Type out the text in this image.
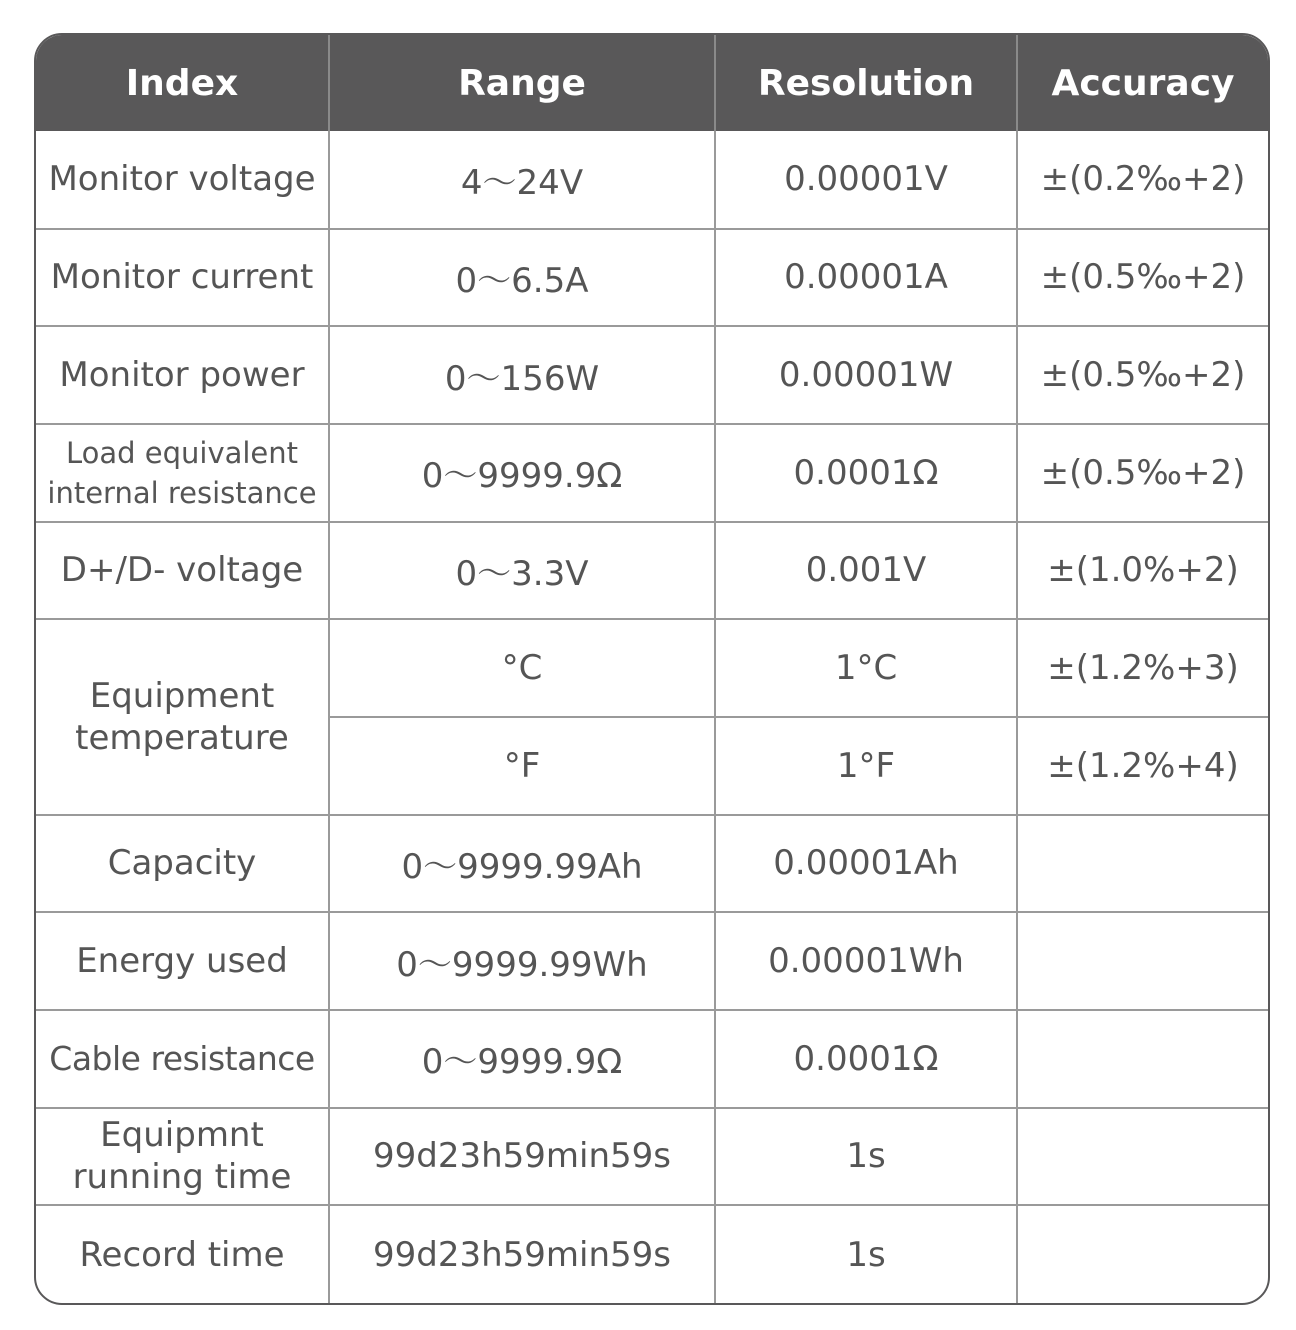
Index	Range	Resolution	Accuracy
Monitor voltage	4～24V	0.00001V	±(0.2‰+2)
Monitor current	0～6.5A	0.00001A	±(0.5‰+2)
Monitor power	0～156W	0.00001W	±(0.5‰+2)

Load equivalent
internal resistance	0～9999.9Ω	0.0001Ω	±(0.5‰+2)
D+/D- voltage	0～3.3V	0.001V	±(1.0%+2)

Equipment
temperature	°C	1°C	±(1.2%+3)
	°F	1°F	±(1.2%+4)
Capacity	0～9999.99Ah	0.00001Ah	
Energy used	0～9999.99Wh	0.00001Wh	
Cable resistance	0～9999.9Ω	0.0001Ω	

Equipmnt
running time	99d23h59min59s	1s	
Record time	99d23h59min59s	1s	
